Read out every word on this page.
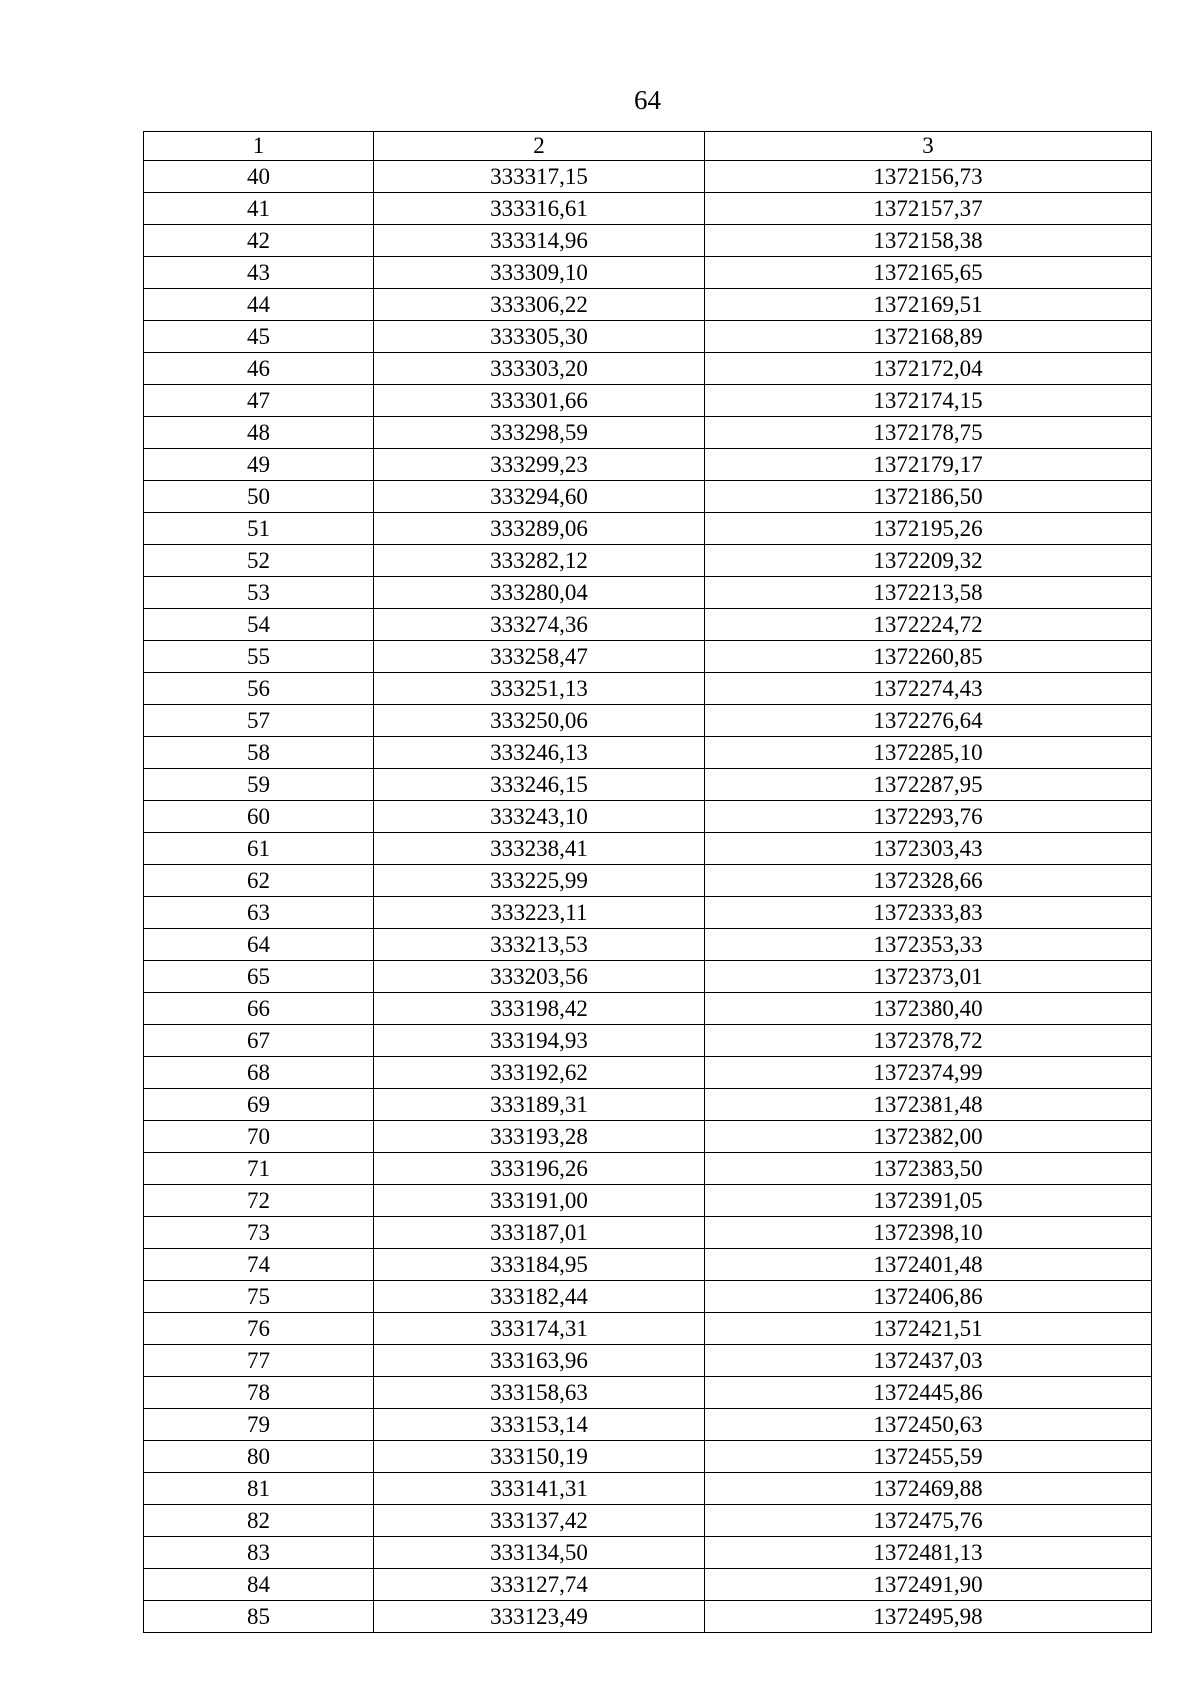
64
1	2	3
40	333317,15	1372156,73
41	333316,61	1372157,37
42	333314,96	1372158,38
43	333309,10	1372165,65
44	333306,22	1372169,51
45	333305,30	1372168,89
46	333303,20	1372172,04
47	333301,66	1372174,15
48	333298,59	1372178,75
49	333299,23	1372179,17
50	333294,60	1372186,50
51	333289,06	1372195,26
52	333282,12	1372209,32
53	333280,04	1372213,58
54	333274,36	1372224,72
55	333258,47	1372260,85
56	333251,13	1372274,43
57	333250,06	1372276,64
58	333246,13	1372285,10
59	333246,15	1372287,95
60	333243,10	1372293,76
61	333238,41	1372303,43
62	333225,99	1372328,66
63	333223,11	1372333,83
64	333213,53	1372353,33
65	333203,56	1372373,01
66	333198,42	1372380,40
67	333194,93	1372378,72
68	333192,62	1372374,99
69	333189,31	1372381,48
70	333193,28	1372382,00
71	333196,26	1372383,50
72	333191,00	1372391,05
73	333187,01	1372398,10
74	333184,95	1372401,48
75	333182,44	1372406,86
76	333174,31	1372421,51
77	333163,96	1372437,03
78	333158,63	1372445,86
79	333153,14	1372450,63
80	333150,19	1372455,59
81	333141,31	1372469,88
82	333137,42	1372475,76
83	333134,50	1372481,13
84	333127,74	1372491,90
85	333123,49	1372495,98
